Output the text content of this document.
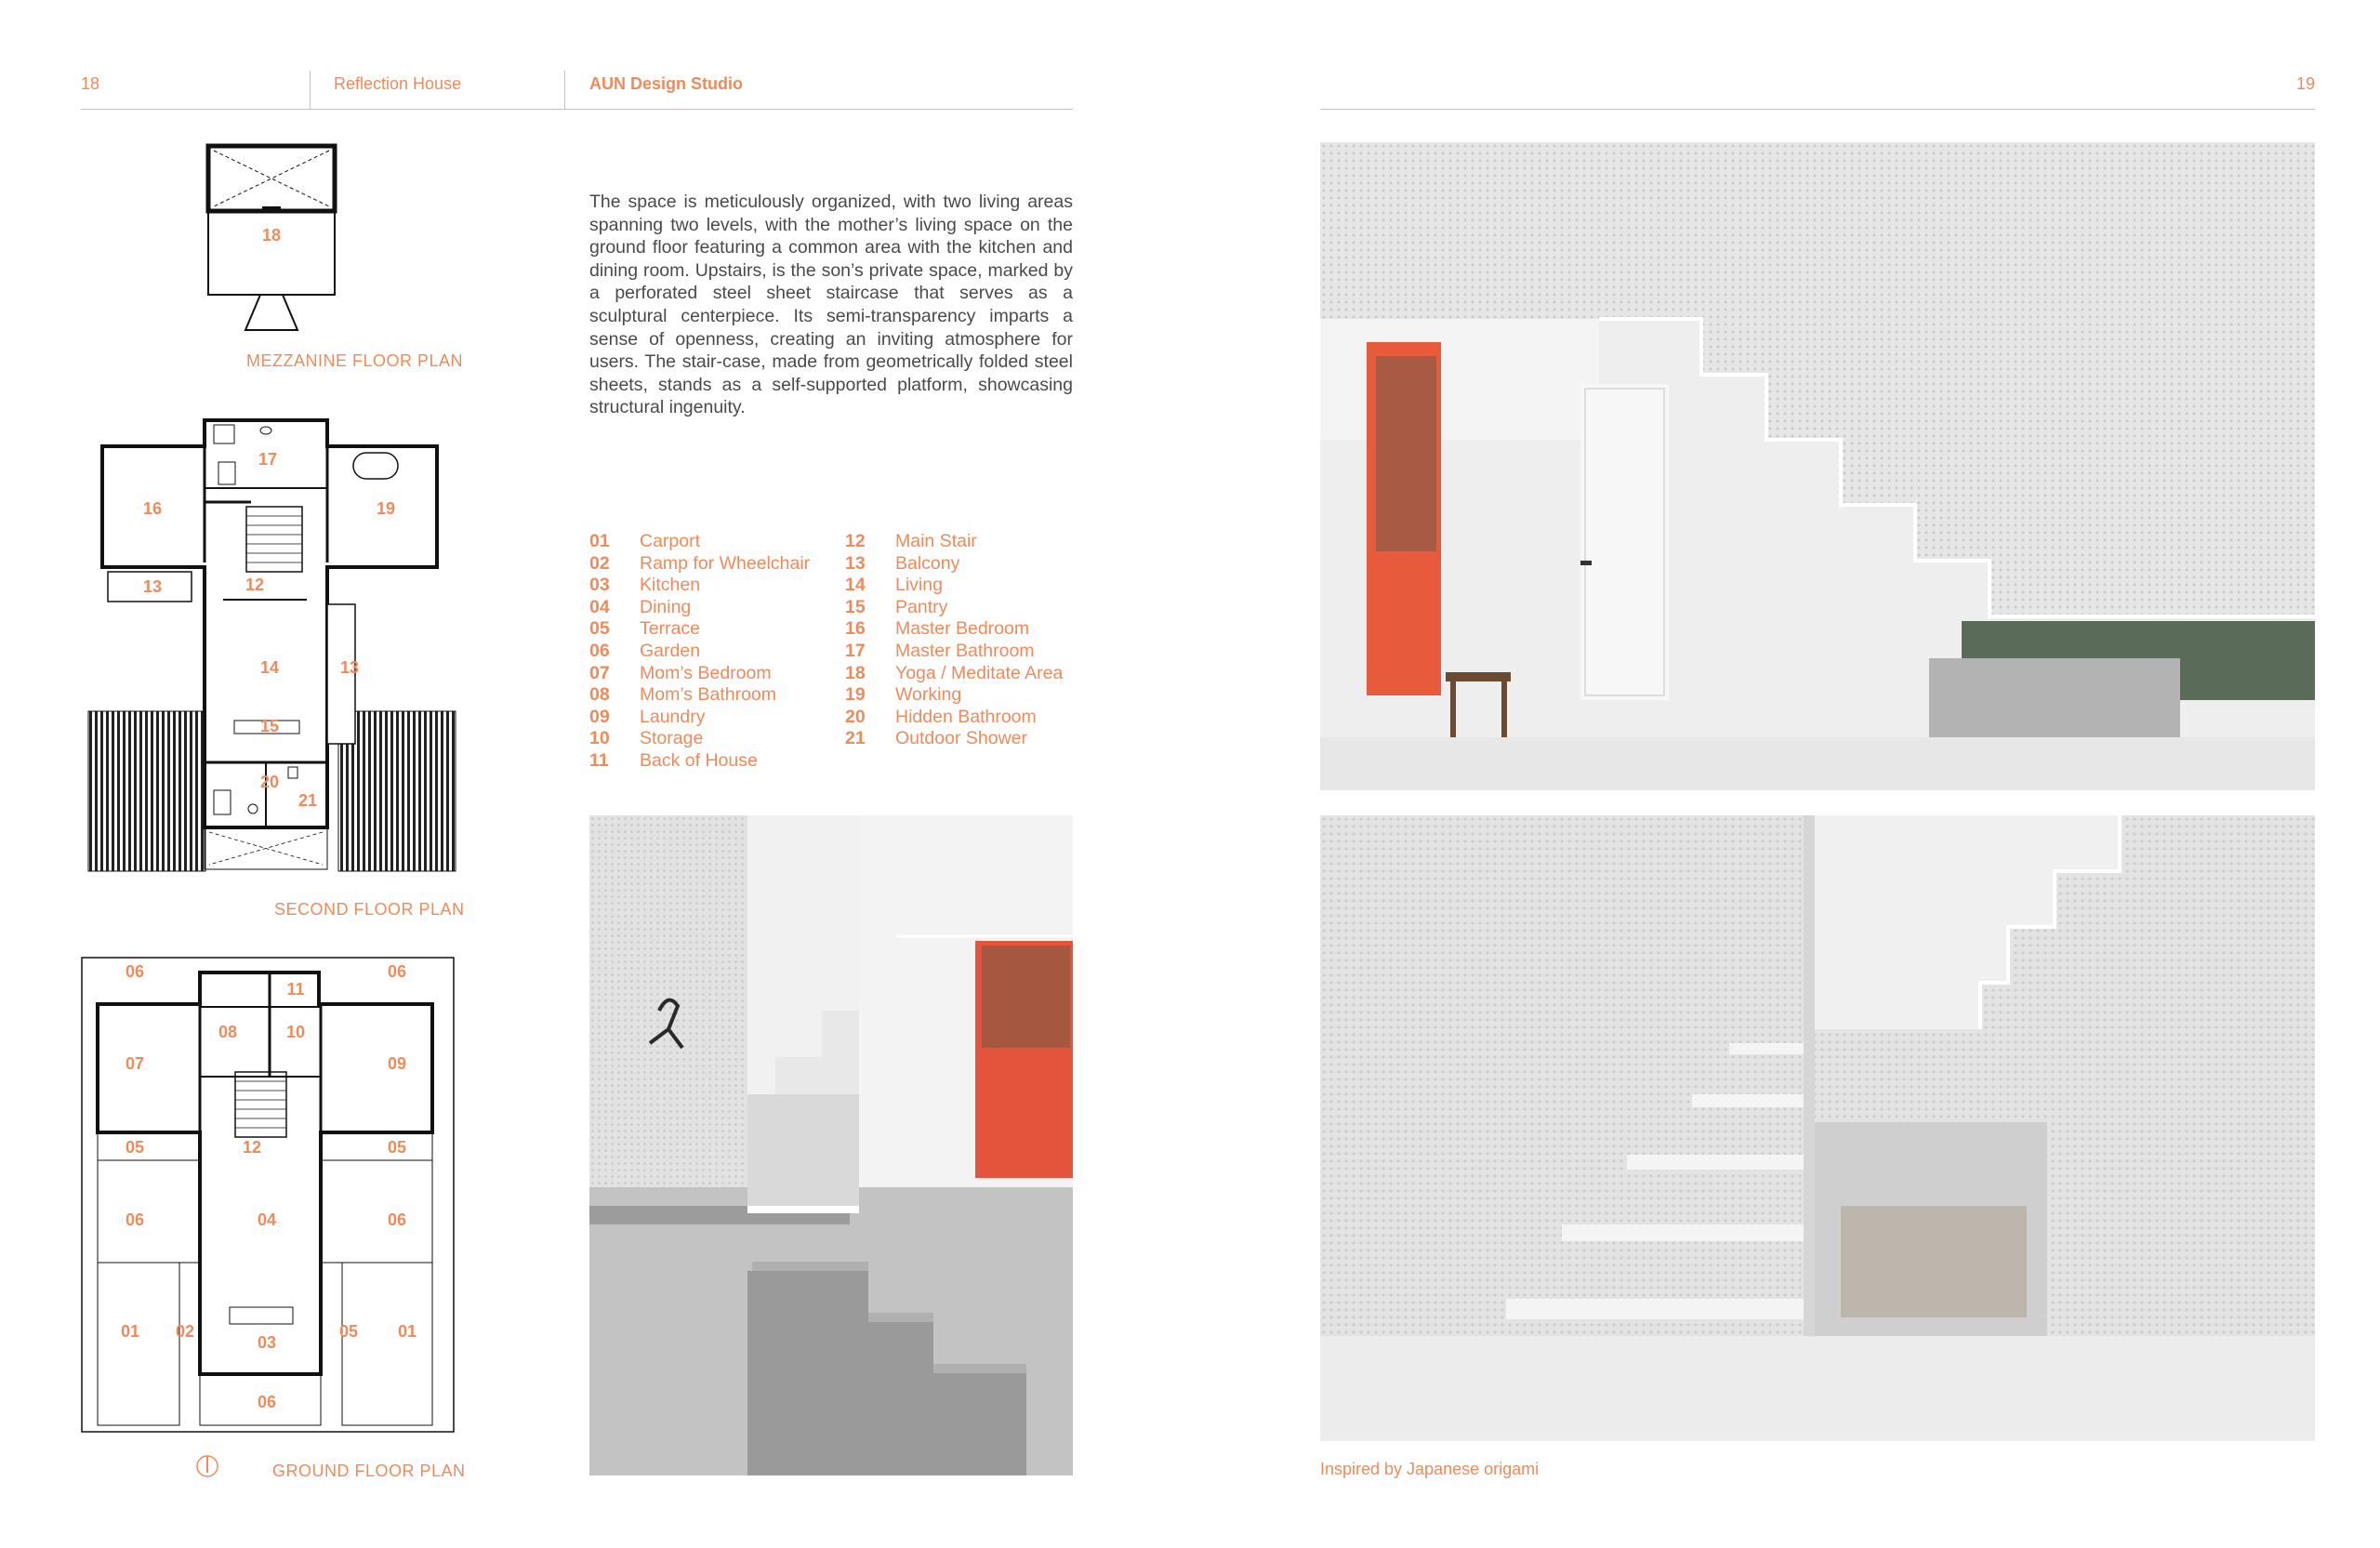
18	Reflection House	AUN Design Studio	19
18
MEZZANINE FLOOR PLAN
17
16	19
13	12
14	13
15
20
21
SECOND FLOOR PLAN
06
11
06
07
08	10
09
05	12	05
06	04	06
01 02
03
05 01
06
GROUND FLOOR PLAN
The space is meticulously organized, with two living areas spanning two levels, with the mother’s living space on the ground floor featuring a common area with the kitchen and dining room. Upstairs, is the son’s private space, marked by a perforated steel sheet staircase that serves as a sculptural centerpiece. Its semi-transparency imparts a sense of openness, creating an inviting atmosphere for users. The stair-case, made from geometrically folded steel sheets, stands as a self-supported platform, showcasing structural ingenuity.
01 Carport
02 Ramp for Wheelchair
03 Kitchen
04 Dining
05 Terrace
06 Garden
07 Mom’s Bedroom
08 Mom’s Bathroom
09 Laundry
10 Storage
11 Back of House
12 Main Stair
13 Balcony
14 Living
15 Pantry
16 Master Bedroom
17 Master Bathroom
18 Yoga / Meditate Area
19 Working
20 Hidden Bathroom
21 Outdoor Shower
Inspired by Japanese origami
